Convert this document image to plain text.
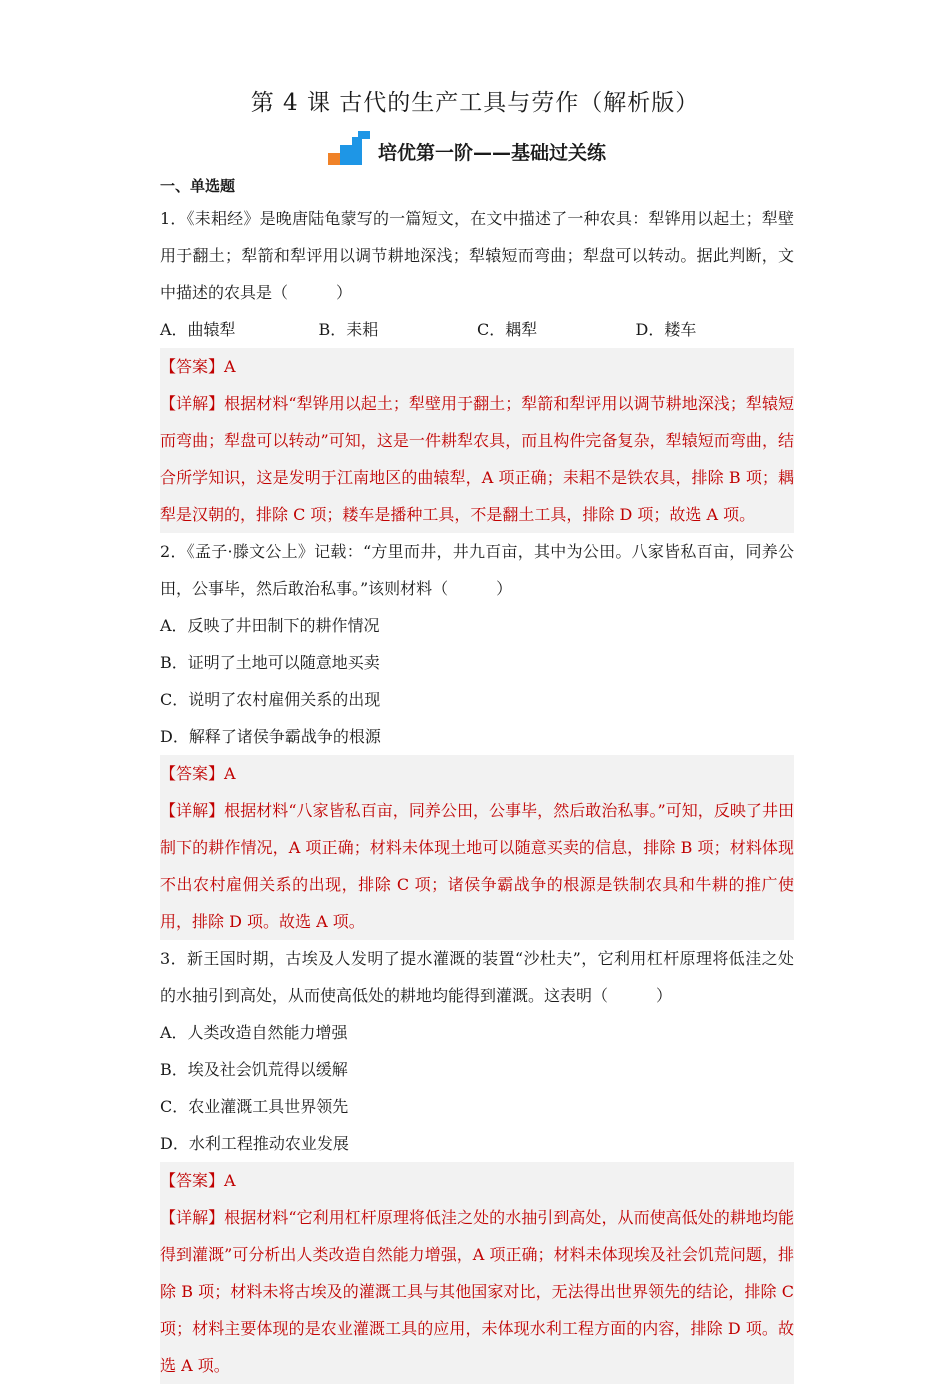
第 4 课 古代的生产工具与劳作（解析版）
培优第一阶——基础过关练
一、单选题
1．《耒耜经》是晚唐陆龟蒙写的一篇短文，在文中描述了一种农具：犁铧用以起土；犁壁用于翻土；犁箭和犁评用以调节耕地深浅；犁辕短而弯曲；犁盘可以转动。据此判断，文中描述的农具是（　　　）
A．曲辕犁	B．耒耜	C．耦犁	D．耧车
【答案】A
【详解】根据材料“犁铧用以起土；犁壁用于翻土；犁箭和犁评用以调节耕地深浅；犁辕短而弯曲；犁盘可以转动”可知，这是一件耕犁农具，而且构件完备复杂，犁辕短而弯曲，结合所学知识，这是发明于江南地区的曲辕犁，A 项正确；耒耜不是铁农具，排除 B 项；耦犁是汉朝的，排除 C 项；耧车是播种工具，不是翻土工具，排除 D 项；故选 A 项。
2．《孟子·滕文公上》记载：“方里而井，井九百亩，其中为公田。八家皆私百亩，同养公田，公事毕，然后敢治私事。”该则材料（　　　）
A．反映了井田制下的耕作情况
B．证明了土地可以随意地买卖
C．说明了农村雇佣关系的出现
D．解释了诸侯争霸战争的根源
【答案】A
【详解】根据材料“八家皆私百亩，同养公田，公事毕，然后敢治私事。”可知，反映了井田制下的耕作情况，A 项正确；材料未体现土地可以随意买卖的信息，排除 B 项；材料体现不出农村雇佣关系的出现，排除 C 项；诸侯争霸战争的根源是铁制农具和牛耕的推广使用，排除 D 项。故选 A 项。
3．新王国时期，古埃及人发明了提水灌溉的装置“沙杜夫”，它利用杠杆原理将低洼之处的水抽引到高处，从而使高低处的耕地均能得到灌溉。这表明（　　　）
A．人类改造自然能力增强
B．埃及社会饥荒得以缓解
C．农业灌溉工具世界领先
D．水利工程推动农业发展
【答案】A
【详解】根据材料“它利用杠杆原理将低洼之处的水抽引到高处，从而使高低处的耕地均能得到灌溉”可分析出人类改造自然能力增强，A 项正确；材料未体现埃及社会饥荒问题，排除 B 项；材料未将古埃及的灌溉工具与其他国家对比，无法得出世界领先的结论，排除 C 项；材料主要体现的是农业灌溉工具的应用，未体现水利工程方面的内容，排除 D 项。故选 A 项。
